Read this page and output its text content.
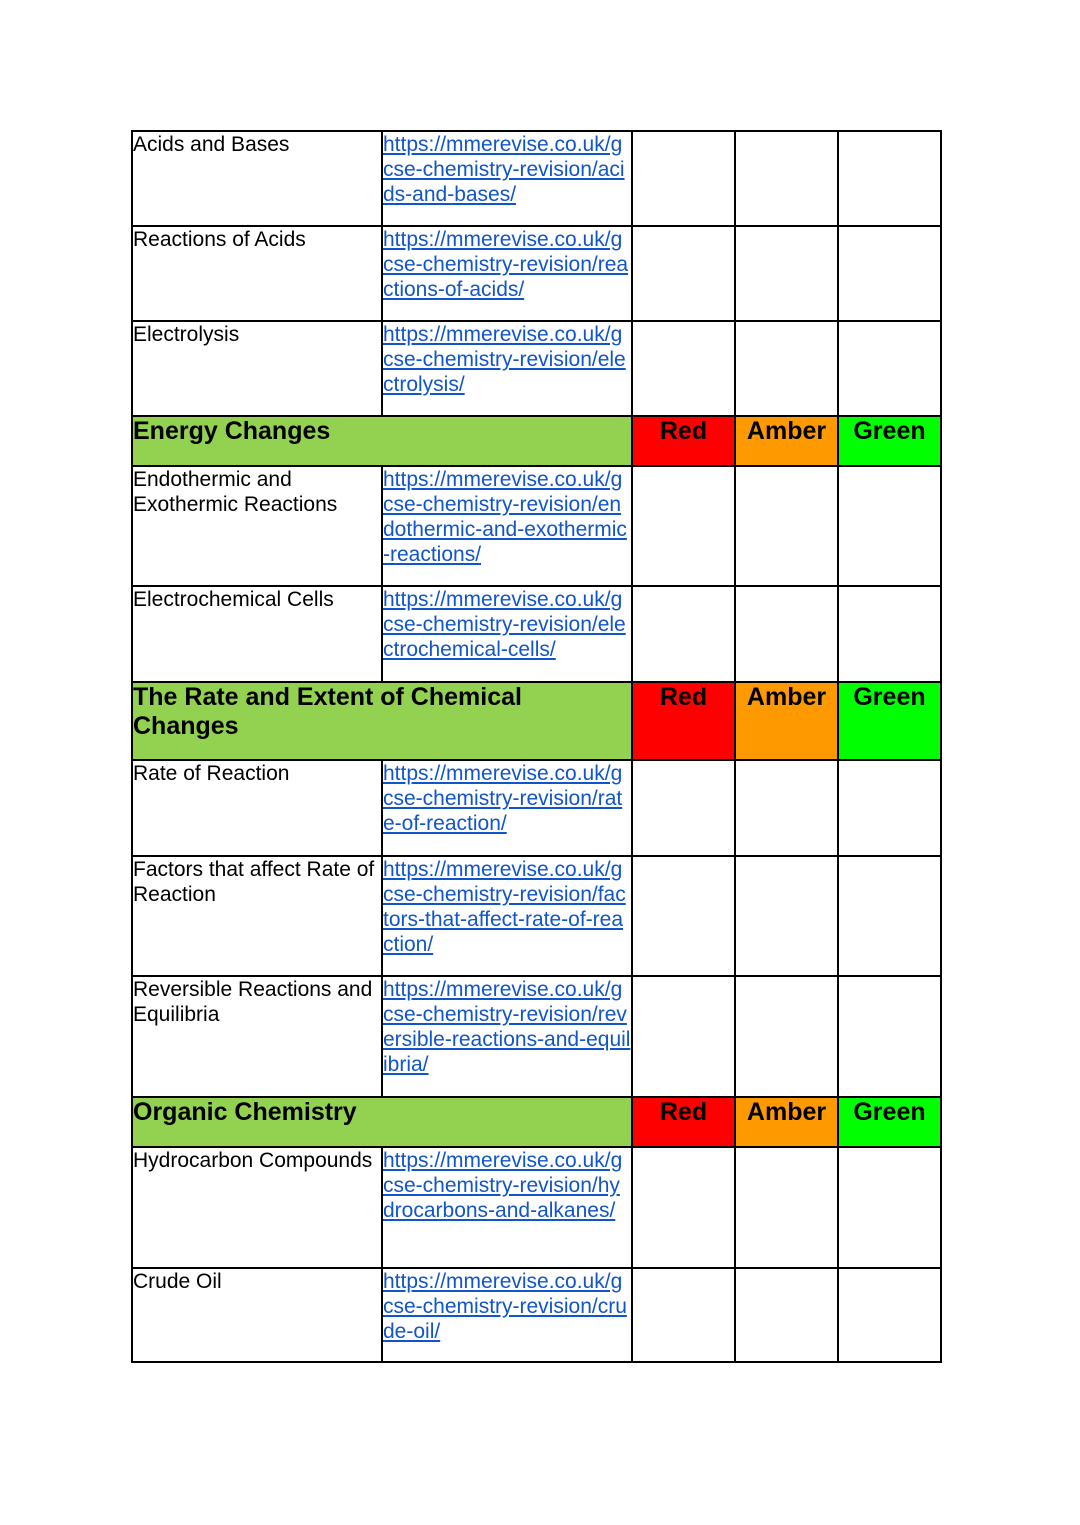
Acids and Bases	https://mmerevise.co.uk/gcse-chemistry-revision/acids-and-bases/			
Reactions of Acids	https://mmerevise.co.uk/gcse-chemistry-revision/reactions-of-acids/			
Electrolysis	https://mmerevise.co.uk/gcse-chemistry-revision/electrolysis/			
Energy Changes		Red	Amber	Green
Endothermic and Exothermic Reactions	https://mmerevise.co.uk/gcse-chemistry-revision/endothermic-and-exothermic-reactions/			
Electrochemical Cells	https://mmerevise.co.uk/gcse-chemistry-revision/electrochemical-cells/			
The Rate and Extent of Chemical Changes		Red	Amber	Green
Rate of Reaction	https://mmerevise.co.uk/gcse-chemistry-revision/rate-of-reaction/			
Factors that affect Rate of Reaction	https://mmerevise.co.uk/gcse-chemistry-revision/factors-that-affect-rate-of-reaction/			
Reversible Reactions and Equilibria	https://mmerevise.co.uk/gcse-chemistry-revision/reversible-reactions-and-equilibria/			
Organic Chemistry		Red	Amber	Green
Hydrocarbon Compounds	https://mmerevise.co.uk/gcse-chemistry-revision/hydrocarbons-and-alkanes/			
Crude Oil	https://mmerevise.co.uk/gcse-chemistry-revision/crude-oil/			
